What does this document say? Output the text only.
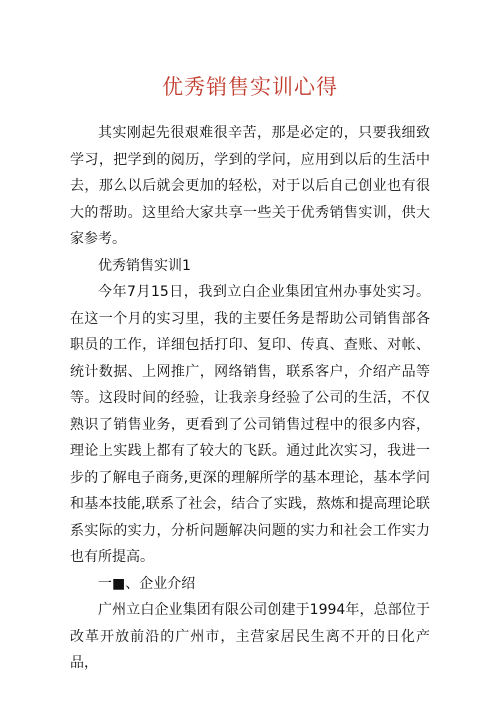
优秀销售实训心得

其实刚起先很艰难很辛苦，那是必定的，只要我细致学习，把学到的阅历，学到的学问，应用到以后的生活中去，那么以后就会更加的轻松，对于以后自己创业也有很大的帮助。这里给大家共享一些关于优秀销售实训，供大家参考。

优秀销售实训1

今年7月15日，我到立白企业集团宜州办事处实习。在这一个月的实习里，我的主要任务是帮助公司销售部各职员的工作，详细包括打印、复印、传真、查账、对帐、统计数据、上网推广，网络销售，联系客户，介绍产品等等。这段时间的经验，让我亲身经验了公司的生活，不仅熟识了销售业务，更看到了公司销售过程中的很多内容，理论上实践上都有了较大的飞跃。通过此次实习，我进一步的了解电子商务,更深的理解所学的基本理论，基本学问和基本技能,联系了社会，结合了实践，熬炼和提高理论联系实际的实力，分析问题解决问题的实力和社会工作实力也有所提高。

一■、企业介绍

广州立白企业集团有限公司创建于1994年，总部位于改革开放前沿的广州市，主营家居民生离不开的日化产品，
